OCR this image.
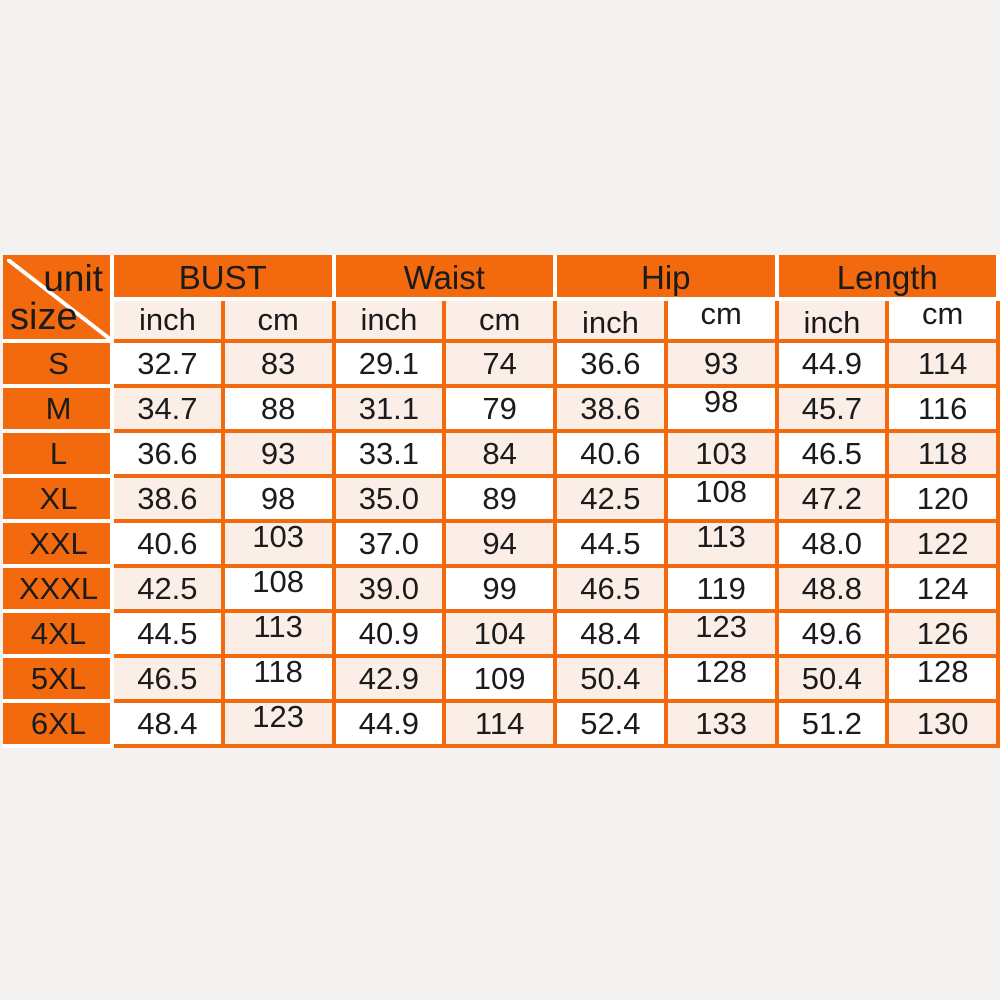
unit
size	BUST		Waist		Hip		Length	
	inch	cm	inch	cm	inch	cm	inch	cm
S	32.7	83	29.1	74	36.6	93	44.9	114
M	34.7	88	31.1	79	38.6	98	45.7	116
L	36.6	93	33.1	84	40.6	103	46.5	118
XL	38.6	98	35.0	89	42.5	108	47.2	120
XXL	40.6	103	37.0	94	44.5	113	48.0	122
XXXL	42.5	108	39.0	99	46.5	119	48.8	124
4XL	44.5	113	40.9	104	48.4	123	49.6	126
5XL	46.5	118	42.9	109	50.4	128	50.4	128
6XL	48.4	123	44.9	114	52.4	133	51.2	130
